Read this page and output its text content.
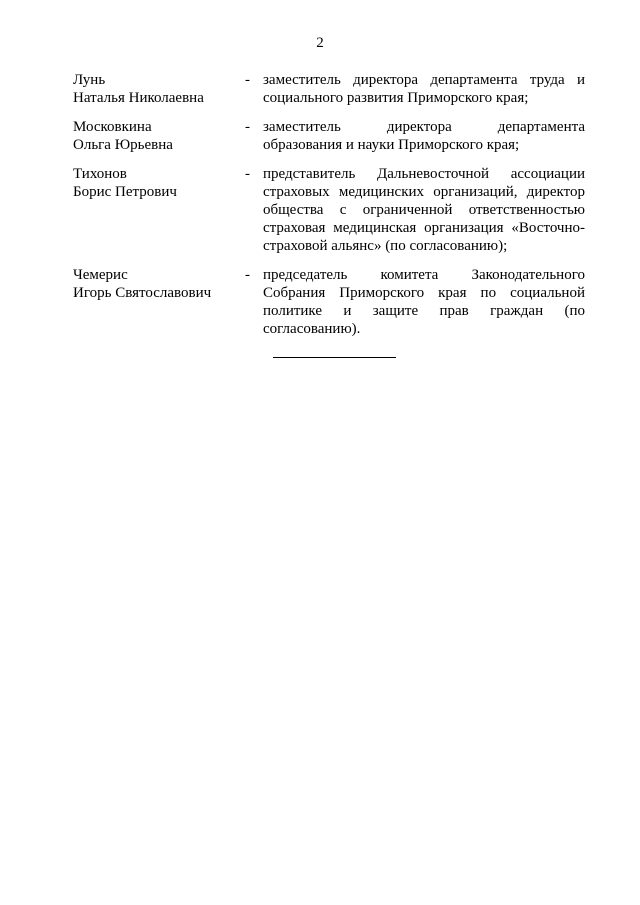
2
Лунь
Наталья Николаевна
- заместитель директора департамента труда и
социального развития Приморского края;
Московкина
Ольга Юрьевна
- заместитель директора департамента
образования и науки Приморского края;
Тихонов
Борис Петрович
- представитель Дальневосточной ассоциации
страховых медицинских организаций, директор
общества с ограниченной ответственностью
страховая медицинская организация «Восточно-
страховой альянс» (по согласованию);
Чемерис
Игорь Святославович
- председатель комитета Законодательного
Собрания Приморского края по социальной
политике и защите прав граждан (по
согласованию).
